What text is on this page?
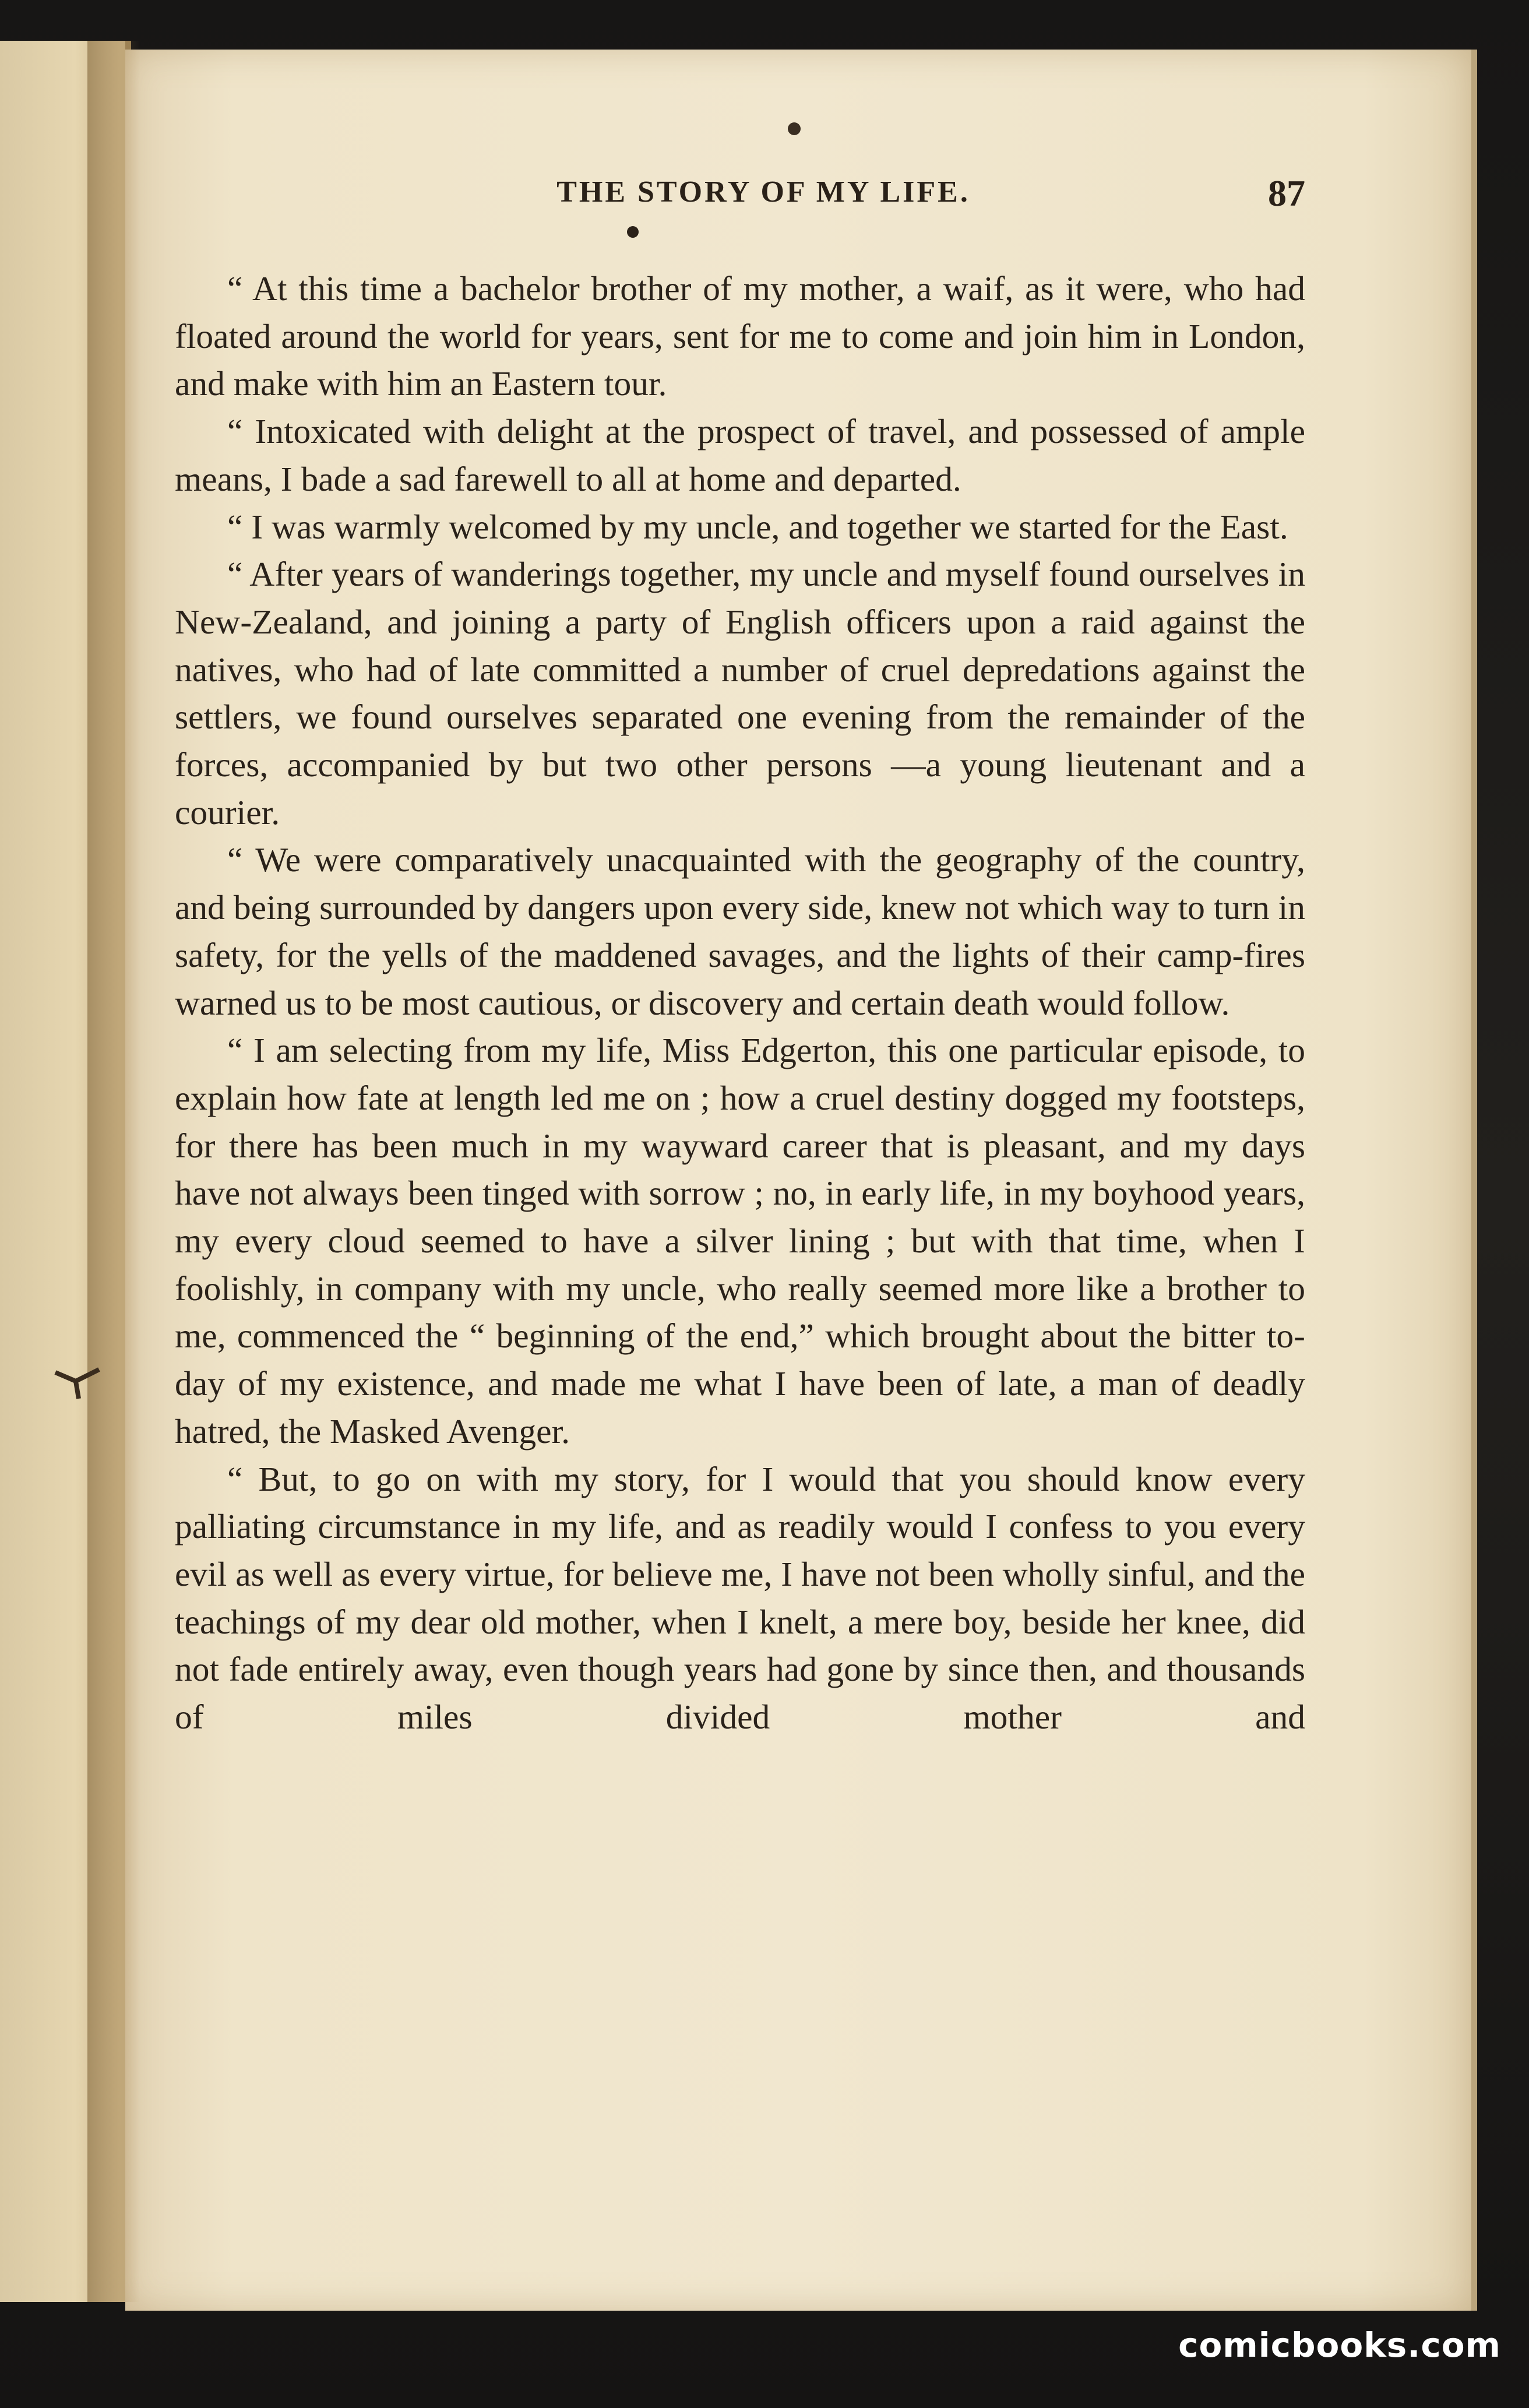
THE STORY OF MY LIFE.	87

“ At this time a bachelor brother of my mother, a waif, as it were, who had floated around the world for years, sent for me to come and join him in London, and make with him an Eastern tour.

“ Intoxicated with delight at the prospect of travel, and possessed of ample means, I bade a sad farewell to all at home and departed.

“ I was warmly welcomed by my uncle, and together we started for the East.

“ After years of wanderings together, my uncle and myself found ourselves in New-Zealand, and joining a party of English officers upon a raid against the natives, who had of late committed a number of cruel depredations against the settlers, we found ourselves separated one evening from the remainder of the forces, accompanied by but two other persons —a young lieutenant and a courier.

“ We were comparatively unacquainted with the geography of the country, and being surrounded by dangers upon every side, knew not which way to turn in safety, for the yells of the maddened savages, and the lights of their camp-fires warned us to be most cautious, or discovery and certain death would follow.

“ I am selecting from my life, Miss Edgerton, this one particular episode, to explain how fate at length led me on ; how a cruel destiny dogged my footsteps, for there has been much in my wayward career that is pleasant, and my days have not always been tinged with sorrow ; no, in early life, in my boyhood years, my every cloud seemed to have a silver lining ; but with that time, when I foolishly, in company with my uncle, who really seemed more like a brother to me, commenced the “ beginning of the end,” which brought about the bitter to-day of my existence, and made me what I have been of late, a man of deadly hatred, the Masked Avenger.

“ But, to go on with my story, for I would that you should know every palliating circumstance in my life, and as readily would I confess to you every evil as well as every virtue, for believe me, I have not been wholly sinful, and the teachings of my dear old mother, when I knelt, a mere boy, beside her knee, did not fade entirely away, even though years had gone by since then, and thousands of miles divided mother and

comicbooks.com
